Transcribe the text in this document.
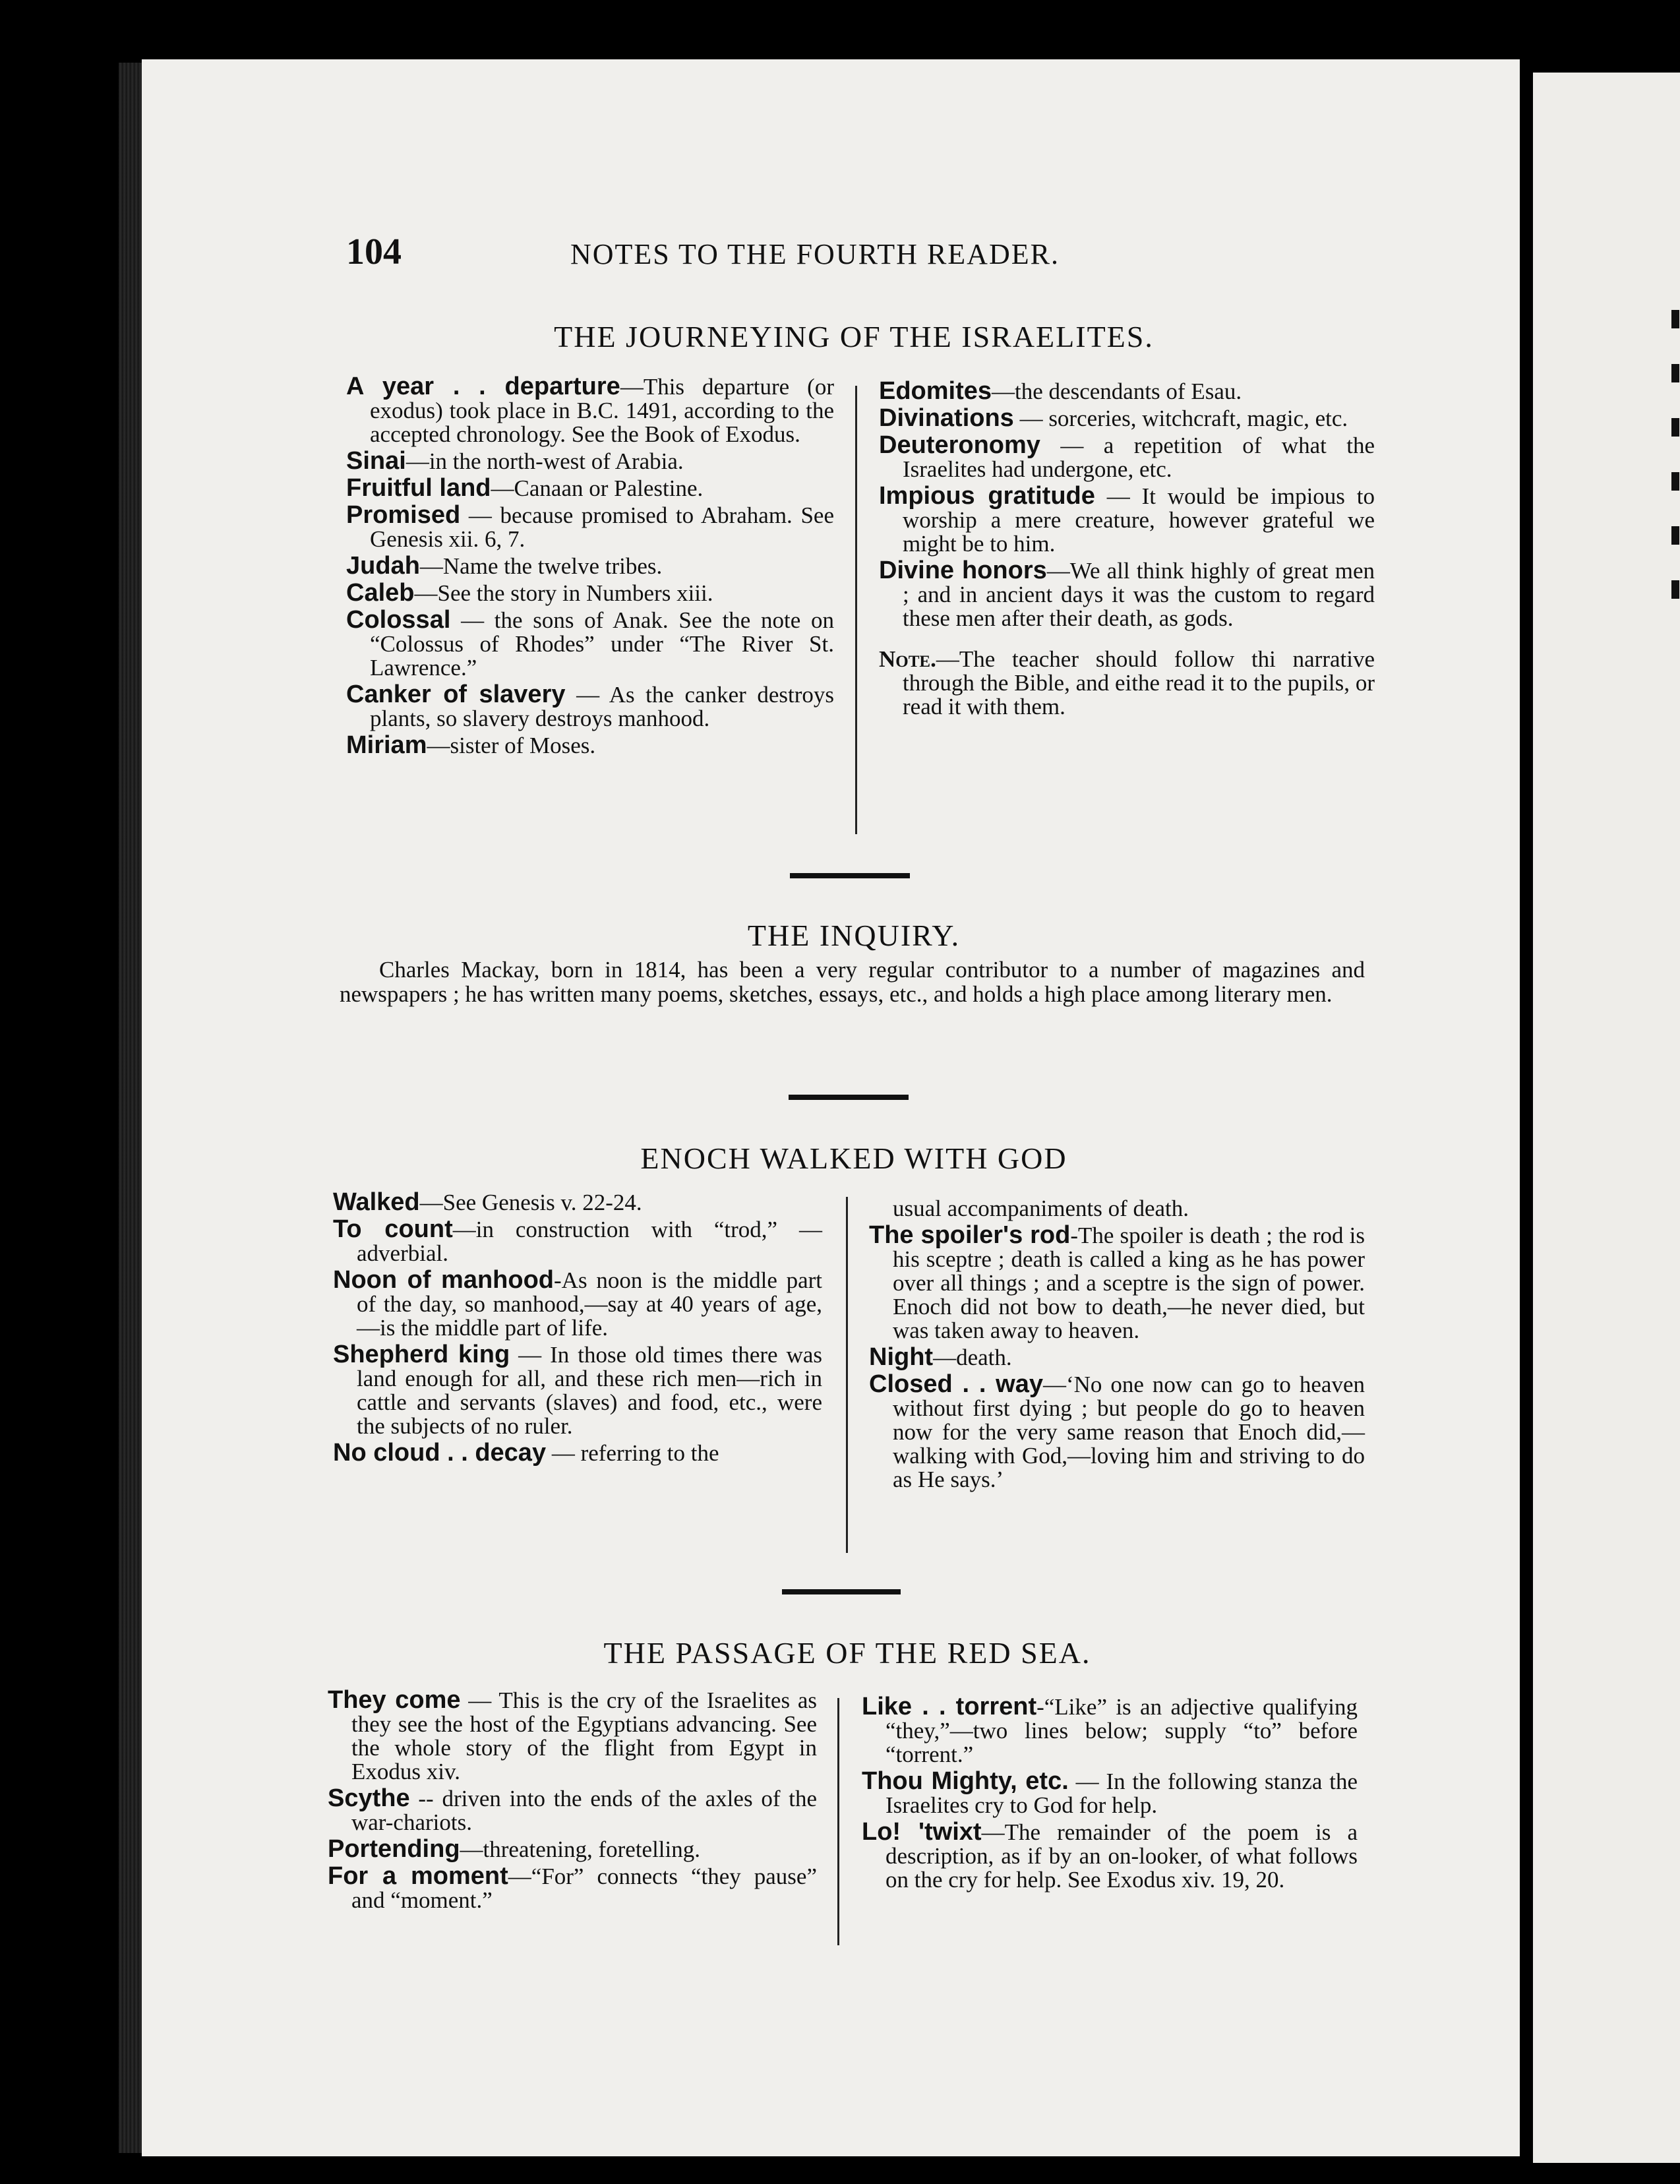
104	NOTES TO THE FOURTH READER.
THE JOURNEYING OF THE ISRAELITES.
A year . . departure—This departure (or exodus) took place in B.C. 1491, according to the accepted chronology. See the Book of Exodus.
Sinai—in the north-west of Arabia.
Fruitful land—Canaan or Palestine.
Promised — because promised to Abraham. See Genesis xii. 6, 7.
Judah—Name the twelve tribes.
Caleb—See the story in Numbers xiii.
Colossal — the sons of Anak. See the note on “Colossus of Rhodes” under “The River St. Lawrence.”
Canker of slavery — As the canker destroys plants, so slavery destroys manhood.
Miriam—sister of Moses.
Edomites—the descendants of Esau.
Divinations — sorceries, witchcraft, magic, etc.
Deuteronomy — a repetition of what the Israelites had undergone, etc.
Impious gratitude — It would be impious to worship a mere creature, however grateful we might be to him.
Divine honors—We all think highly of great men ; and in ancient days it was the custom to regard these men after their death, as gods.
Note.—The teacher should follow thi narrative through the Bible, and eithe read it to the pupils, or read it with them.
THE INQUIRY.
Charles Mackay, born in 1814, has been a very regular contributor to a number of magazines and newspapers ; he has written many poems, sketches, essays, etc., and holds a high place among literary men.
ENOCH WALKED WITH GOD
Walked—See Genesis v. 22-24.
To count—in construction with “trod,” —adverbial.
Noon of manhood-As noon is the middle part of the day, so manhood,—say at 40 years of age,—is the middle part of life.
Shepherd king — In those old times there was land enough for all, and these rich men—rich in cattle and servants (slaves) and food, etc., were the subjects of no ruler.
No cloud . . decay — referring to the
usual accompaniments of death.
The spoiler's rod-The spoiler is death ; the rod is his sceptre ; death is called a king as he has power over all things ; and a sceptre is the sign of power. Enoch did not bow to death,—he never died, but was taken away to heaven.
Night—death.
Closed . . way—‘No one now can go to heaven without first dying ; but people do go to heaven now for the very same reason that Enoch did,—walking with God,—loving him and striving to do as He says.’
THE PASSAGE OF THE RED SEA.
They come — This is the cry of the Israelites as they see the host of the Egyptians advancing. See the whole story of the flight from Egypt in Exodus xiv.
Scythe -- driven into the ends of the axles of the war-chariots.
Portending—threatening, foretelling.
For a moment—“For” connects “they pause” and “moment.”
Like . . torrent-“Like” is an adjective qualifying “they,”—two lines below; supply “to” before “torrent.”
Thou Mighty, etc. — In the following stanza the Israelites cry to God for help.
Lo! 'twixt—The remainder of the poem is a description, as if by an on-looker, of what follows on the cry for help. See Exodus xiv. 19, 20.
